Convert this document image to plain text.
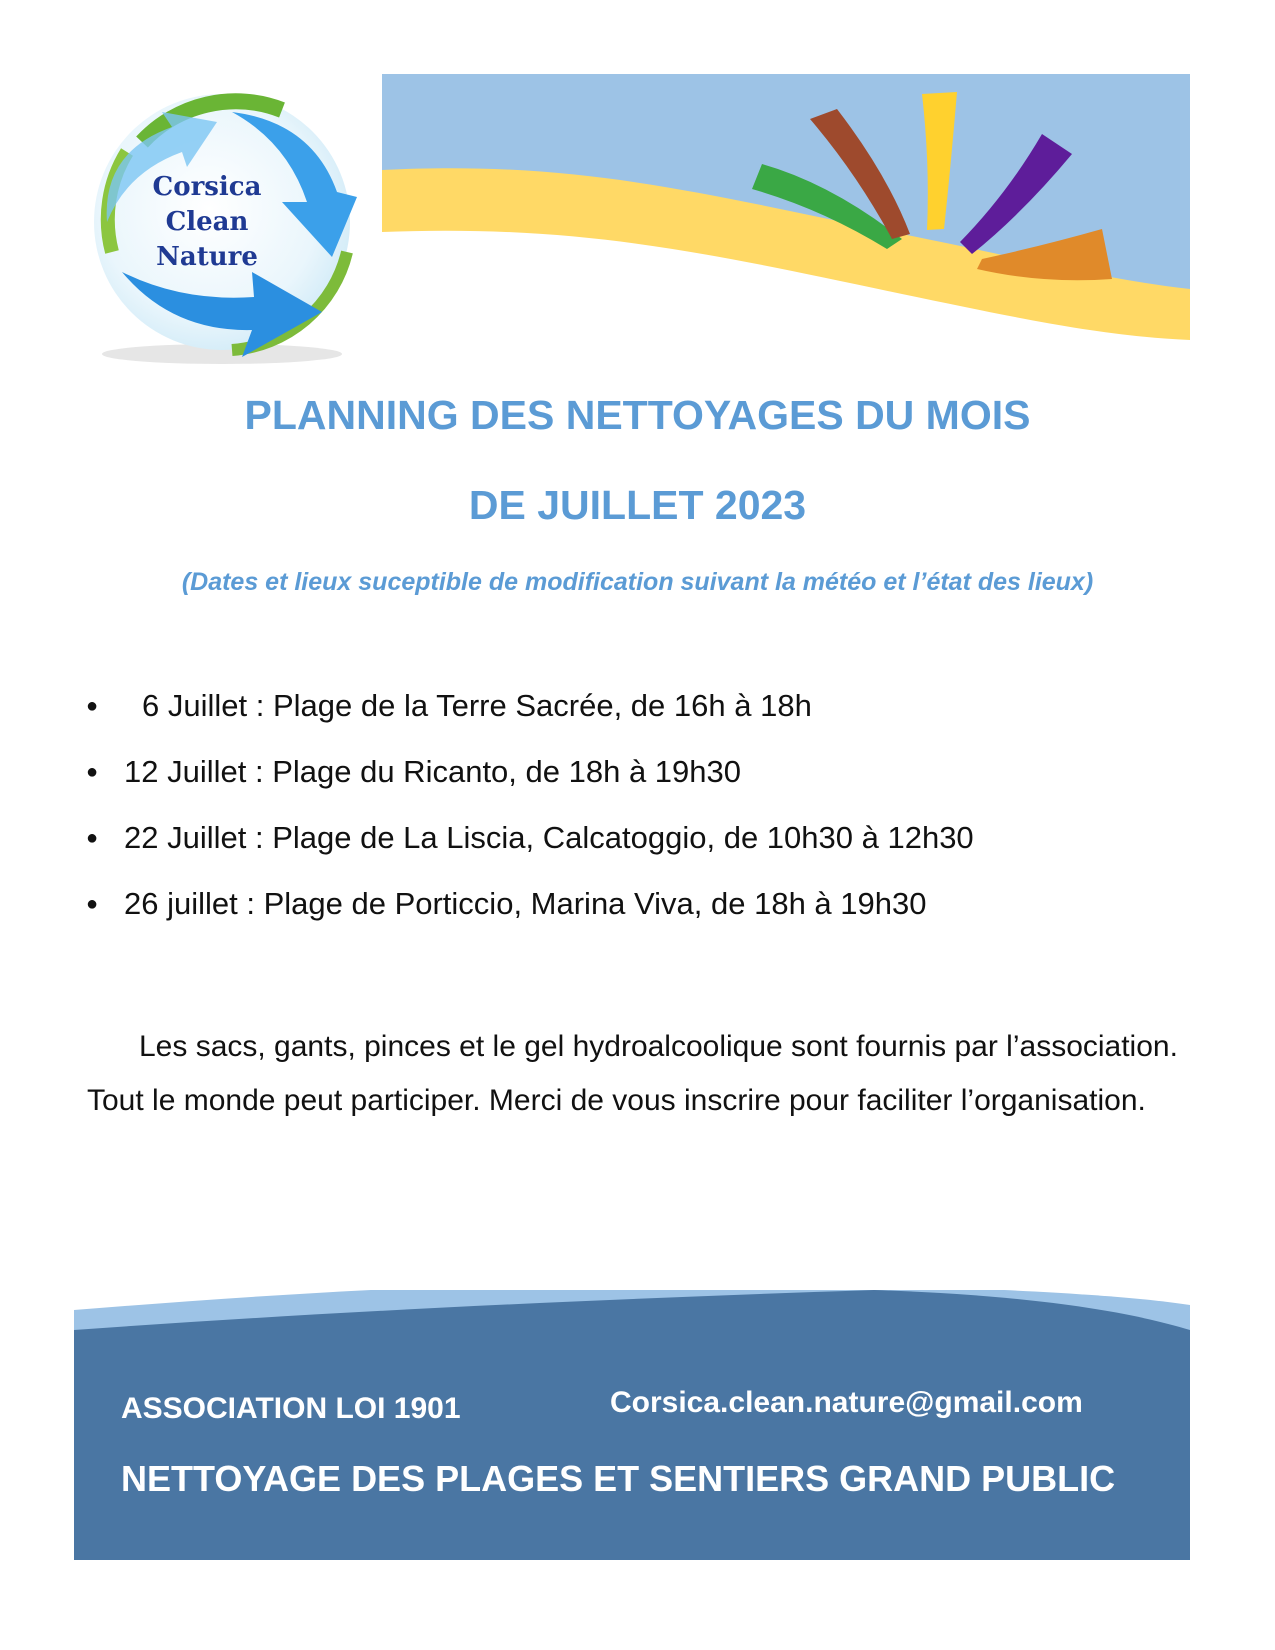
Corsica
Clean
Nature
PLANNING DES NETTOYAGES DU MOIS
DE JUILLET 2023

(Dates et lieux suceptible de modification suivant la météo et l’état des lieux)

● 6 Juillet : Plage de la Terre Sacrée, de 16h à 18h
● 12 Juillet : Plage du Ricanto, de 18h à 19h30
● 22 Juillet : Plage de La Liscia, Calcatoggio, de 10h30 à 12h30
● 26 juillet : Plage de Porticcio, Marina Viva, de 18h à 19h30

Les sacs, gants, pinces et le gel hydroalcoolique sont fournis par l’association. Tout le monde peut participer. Merci de vous inscrire pour faciliter l’organisation.

ASSOCIATION LOI 1901	Corsica.clean.nature@gmail.com
NETTOYAGE DES PLAGES ET SENTIERS GRAND PUBLIC
